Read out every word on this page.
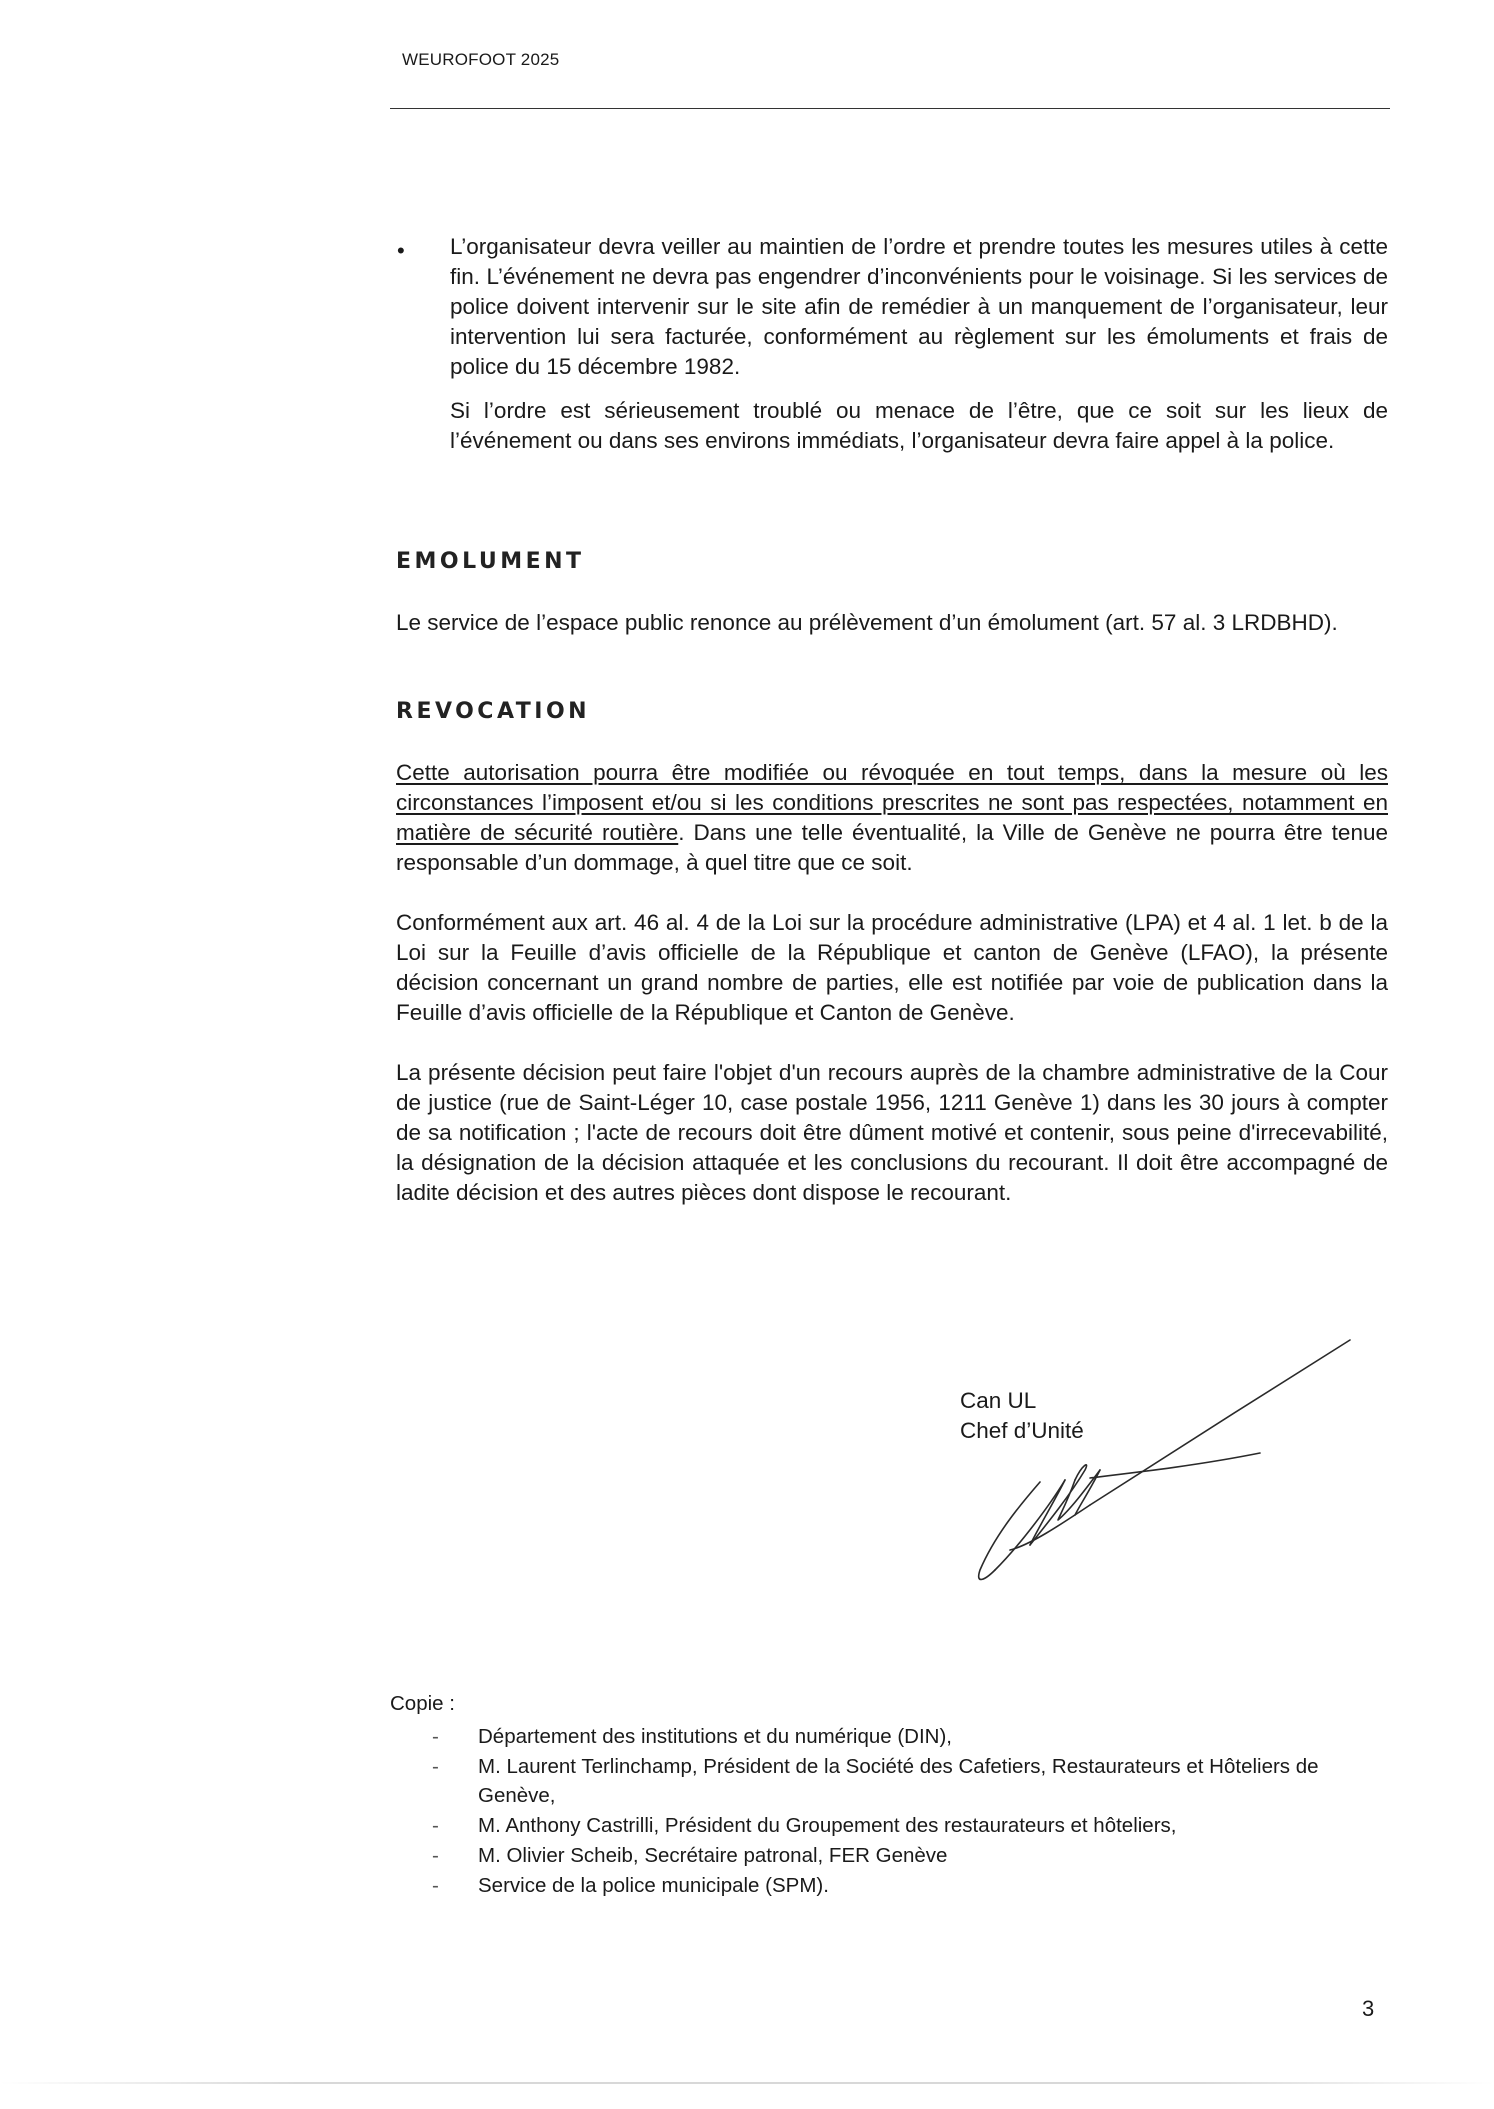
WEUROFOOT 2025
• L’organisateur devra veiller au maintien de l’ordre et prendre toutes les mesures utiles à cette fin. L’événement ne devra pas engendrer d’inconvénients pour le voisinage. Si les services de police doivent intervenir sur le site afin de remédier à un manquement de l’organisateur, leur intervention lui sera facturée, conformément au règlement sur les émoluments et frais de police du 15 décembre 1982.

Si l’ordre est sérieusement troublé ou menace de l’être, que ce soit sur les lieux de l’événement ou dans ses environs immédiats, l’organisateur devra faire appel à la police.

EMOLUMENT

Le service de l’espace public renonce au prélèvement d’un émolument (art. 57 al. 3 LRDBHD).

REVOCATION

Cette autorisation pourra être modifiée ou révoquée en tout temps, dans la mesure où les circonstances l’imposent et/ou si les conditions prescrites ne sont pas respectées, notamment en matière de sécurité routière. Dans une telle éventualité, la Ville de Genève ne pourra être tenue responsable d’un dommage, à quel titre que ce soit.

Conformément aux art. 46 al. 4 de la Loi sur la procédure administrative (LPA) et 4 al. 1 let. b de la Loi sur la Feuille d’avis officielle de la République et canton de Genève (LFAO), la présente décision concernant un grand nombre de parties, elle est notifiée par voie de publication dans la Feuille d’avis officielle de la République et Canton de Genève.

La présente décision peut faire l'objet d'un recours auprès de la chambre administrative de la Cour de justice (rue de Saint-Léger 10, case postale 1956, 1211 Genève 1) dans les 30 jours à compter de sa notification ; l'acte de recours doit être dûment motivé et contenir, sous peine d'irrecevabilité, la désignation de la décision attaquée et les conclusions du recourant. Il doit être accompagné de ladite décision et des autres pièces dont dispose le recourant.

Can UL
Chef d’Unité
Copie :
- Département des institutions et du numérique (DIN),
- M. Laurent Terlinchamp, Président de la Société des Cafetiers, Restaurateurs et Hôteliers de Genève,
- M. Anthony Castrilli, Président du Groupement des restaurateurs et hôteliers,
- M. Olivier Scheib, Secrétaire patronal, FER Genève
- Service de la police municipale (SPM).
3
